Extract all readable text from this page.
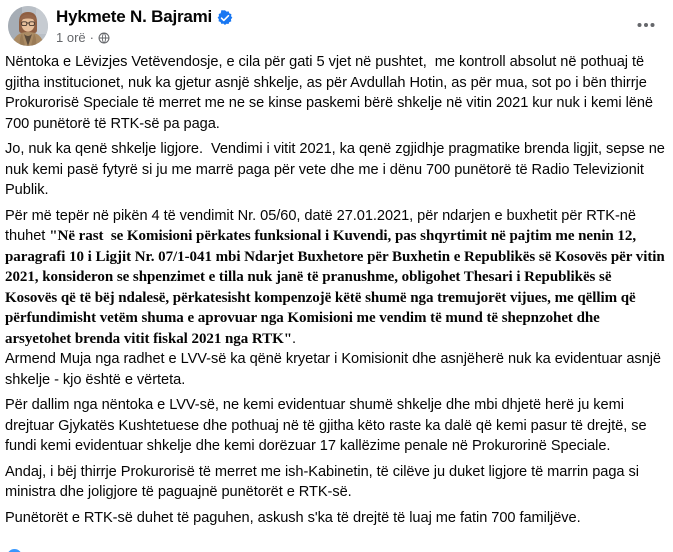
Hykmete N. Bajrami
1 orë ·
Nëntoka e Lëvizjes Vetëvendosje, e cila për gati 5 vjet në pushtet,  me kontroll absolut në pothuaj të gjitha institucionet, nuk ka gjetur asnjë shkelje, as për Avdullah Hotin, as për mua, sot po i bën thirrje Prokurorisë Speciale të merret me ne se kinse paskemi bërë shkelje në vitin 2021 kur nuk i kemi lënë 700 punëtorë të RTK-së pa paga.
Jo, nuk ka qenë shkelje ligjore.  Vendimi i vitit 2021, ka qenë zgjidhje pragmatike brenda ligjit, sepse ne nuk kemi pasë fytyrë si ju me marrë paga për vete dhe me i dënu 700 punëtorë të Radio Televizionit Publik.
Për më tepër në pikën 4 të vendimit Nr. 05/60, datë 27.01.2021, për ndarjen e buxhetit për RTK-në thuhet "Në rast  se Komisioni përkates funksional i Kuvendi, pas shqyrtimit në pajtim me nenin 12, paragrafi 10 i Ligjit Nr. 07/1-041 mbi Ndarjet Buxhetore për Buxhetin e Republikës së Kosovës për vitin 2021, konsideron se shpenzimet e tilla nuk janë të pranushme, obligohet Thesari i Republikës së Kosovës që të bëj ndalesë, përkatesisht kompenzojë këtë shumë nga tremujorët vijues, me qëllim që përfundimisht vetëm shuma e aprovuar nga Komisioni me vendim të mund të shepnzohet dhe arsyetohet brenda vitit fiskal 2021 nga RTK".
Armend Muja nga radhet e LVV-së ka qënë kryetar i Komisionit dhe asnjëherë nuk ka evidentuar asnjë shkelje - kjo është e vërteta.
Për dallim nga nëntoka e LVV-së, ne kemi evidentuar shumë shkelje dhe mbi dhjetë herë ju kemi drejtuar Gjykatës Kushtetuese dhe pothuaj në të gjitha këto raste ka dalë që kemi pasur të drejtë, se fundi kemi evidentuar shkelje dhe kemi dorëzuar 17 kallëzime penale në Prokurorinë Speciale.
Andaj, i bëj thirrje Prokurorisë të merret me ish-Kabinetin, të cilëve ju duket ligjore të marrin paga si ministra dhe joligjore të paguajnë punëtorët e RTK-së.
Punëtorët e RTK-së duhet të paguhen, askush s'ka të drejtë të luaj me fatin 700 familjëve.
